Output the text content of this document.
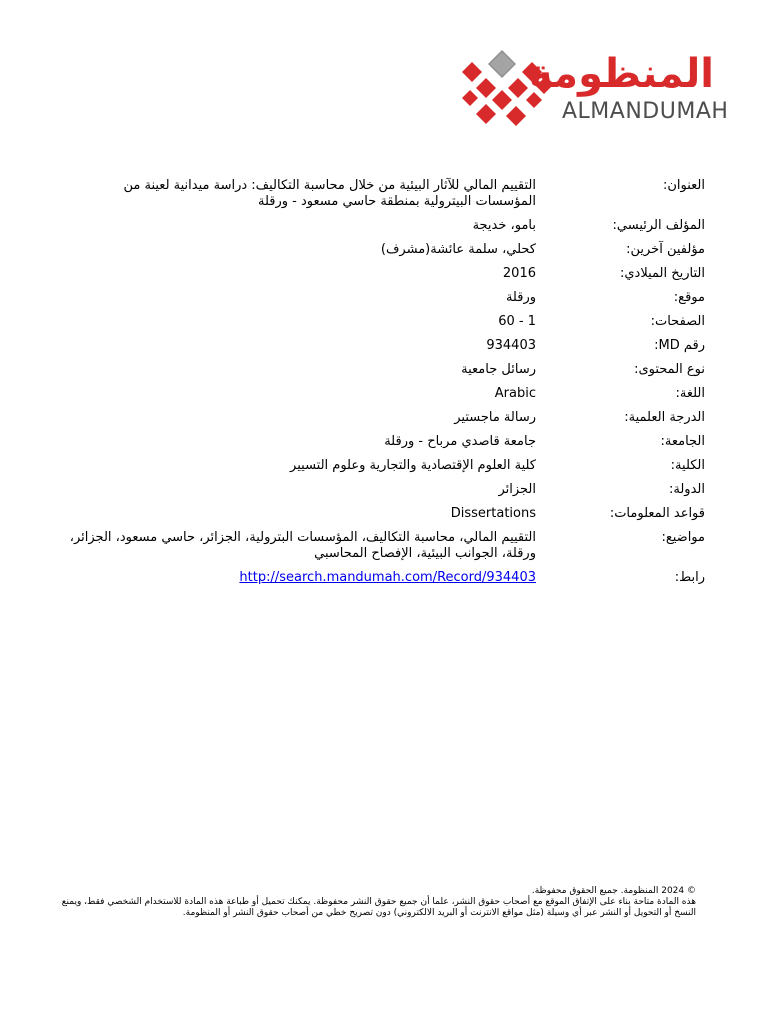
المنظومة
ALMANDUMAH
العنوان:
التقييم المالي للآثار البيئية من خلال محاسبة التكاليف: دراسة ميدانية لعينة من المؤسسات البيترولية بمنطقة حاسي مسعود - ورقلة
المؤلف الرئيسي:
بامو، خديجة
مؤلفين آخرين:
كحلي، سلمة عائشة(مشرف)
التاريخ الميلادي:
2016
موقع:
ورقلة
الصفحات:
1 - 60
رقم MD:
934403
نوع المحتوى:
رسائل جامعية
اللغة:
Arabic
الدرجة العلمية:
رسالة ماجستير
الجامعة:
جامعة قاصدي مرباح - ورقلة
الكلية:
كلية العلوم الإقتصادية والتجارية وعلوم التسيير
الدولة:
الجزائر
قواعد المعلومات:
Dissertations
مواضيع:
التقييم المالي، محاسبة التكاليف، المؤسسات البترولية، الجزائر، حاسي مسعود، الجزائر، ورقلة، الجوانب البيئية، الإفصاح المحاسبي
رابط:
http://search.mandumah.com/Record/934403

© 2024 المنظومة. جميع الحقوق محفوظة.

هذه المادة متاحة بناء على الإتفاق الموقع مع أصحاب حقوق النشر، علما أن جميع حقوق النشر محفوظة. يمكنك تحميل أو طباعة هذه المادة للاستخدام الشخصي فقط، ويمنع النسخ أو التحويل أو النشر عبر أي وسيلة (مثل مواقع الانترنت أو البريد الالكتروني) دون تصريح خطي من أصحاب حقوق النشر أو المنظومة.
